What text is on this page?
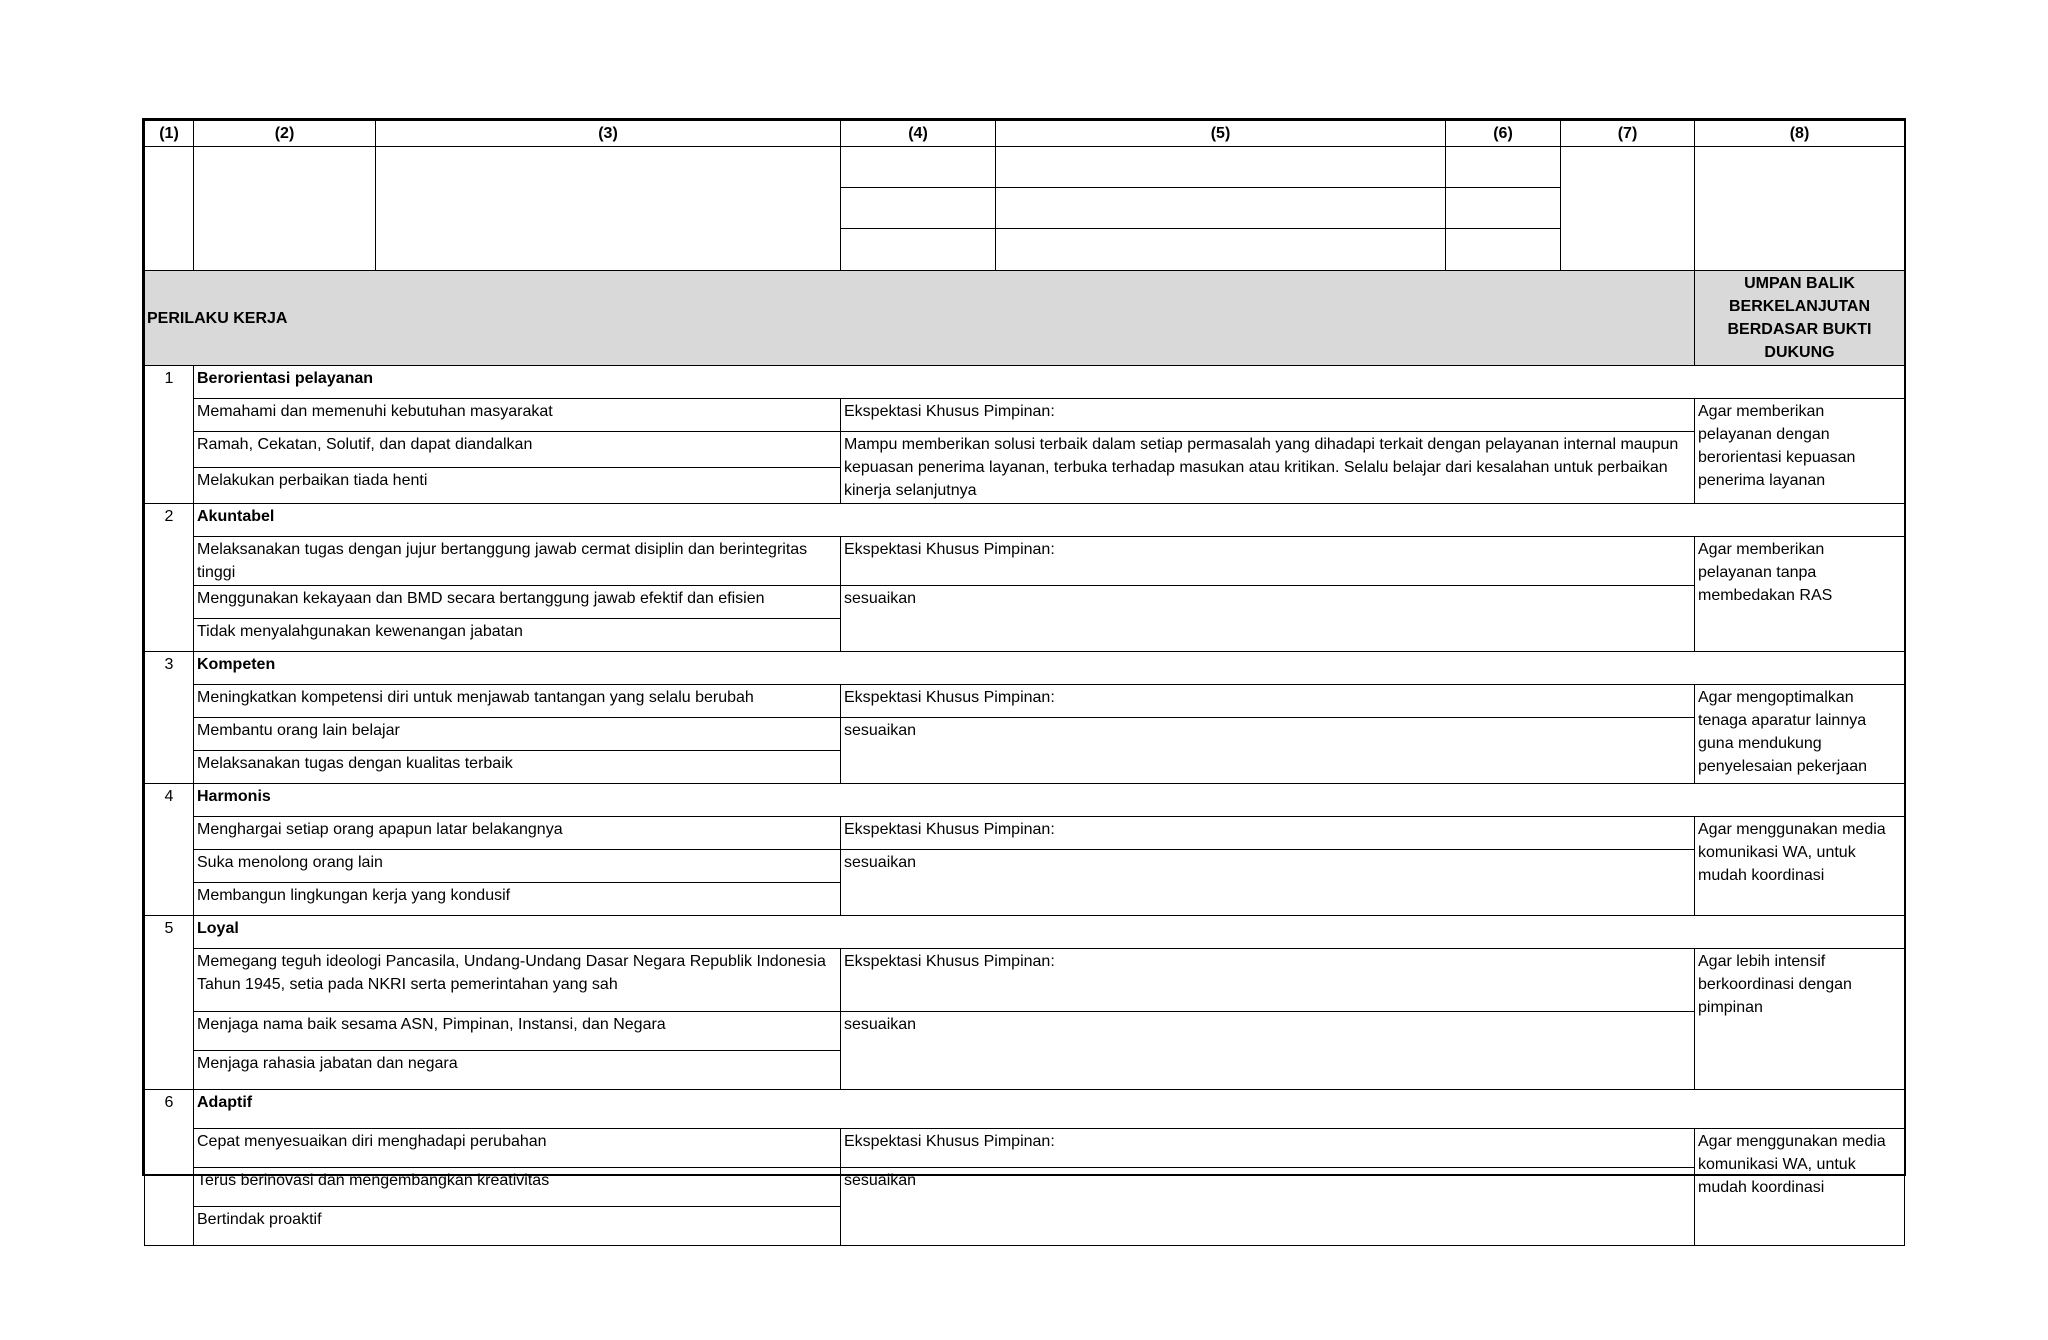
(1)	(2)	(3)	(4)	(5)	(6)	(7)	(8)

PERILAKU KERJA							UMPAN BALIK BERKELANJUTAN BERDASAR BUKTI DUKUNG
1	Berorientasi pelayanan						
	Memahami dan memenuhi kebutuhan masyarakat		Ekspektasi Khusus Pimpinan:				Agar memberikan pelayanan dengan berorientasi kepuasan penerima layanan
	Ramah, Cekatan, Solutif, dan dapat diandalkan		Mampu memberikan solusi terbaik dalam setiap permasalah yang dihadapi terkait dengan pelayanan internal maupun kepuasan penerima layanan, terbuka terhadap masukan atau kritikan. Selalu belajar dari kesalahan untuk perbaikan kinerja selanjutnya				
	Melakukan perbaikan tiada henti						
2	Akuntabel						
	Melaksanakan tugas dengan jujur bertanggung jawab cermat disiplin dan berintegritas tinggi		Ekspektasi Khusus Pimpinan:				Agar memberikan pelayanan tanpa membedakan RAS
	Menggunakan kekayaan dan BMD secara bertanggung jawab efektif dan efisien		sesuaikan				
	Tidak menyalahgunakan kewenangan jabatan						
3	Kompeten						
	Meningkatkan kompetensi diri untuk menjawab tantangan yang selalu berubah		Ekspektasi Khusus Pimpinan:				Agar mengoptimalkan tenaga aparatur lainnya guna mendukung penyelesaian pekerjaan
	Membantu orang lain belajar		sesuaikan				
	Melaksanakan tugas dengan kualitas terbaik						
4	Harmonis						
	Menghargai setiap orang apapun latar belakangnya		Ekspektasi Khusus Pimpinan:				Agar menggunakan media komunikasi WA, untuk mudah koordinasi
	Suka menolong orang lain		sesuaikan				
	Membangun lingkungan kerja yang kondusif						
5	Loyal						
	Memegang teguh ideologi Pancasila, Undang-Undang Dasar Negara Republik Indonesia Tahun 1945, setia pada NKRI serta pemerintahan yang sah		Ekspektasi Khusus Pimpinan:				Agar lebih intensif berkoordinasi dengan pimpinan
	Menjaga nama baik sesama ASN, Pimpinan, Instansi, dan Negara		sesuaikan				
	Menjaga rahasia jabatan dan negara						
6	Adaptif						
	Cepat menyesuaikan diri menghadapi perubahan		Ekspektasi Khusus Pimpinan:				Agar menggunakan media komunikasi WA, untuk mudah koordinasi
	Terus berinovasi dan mengembangkan kreativitas		sesuaikan				
	Bertindak proaktif						
